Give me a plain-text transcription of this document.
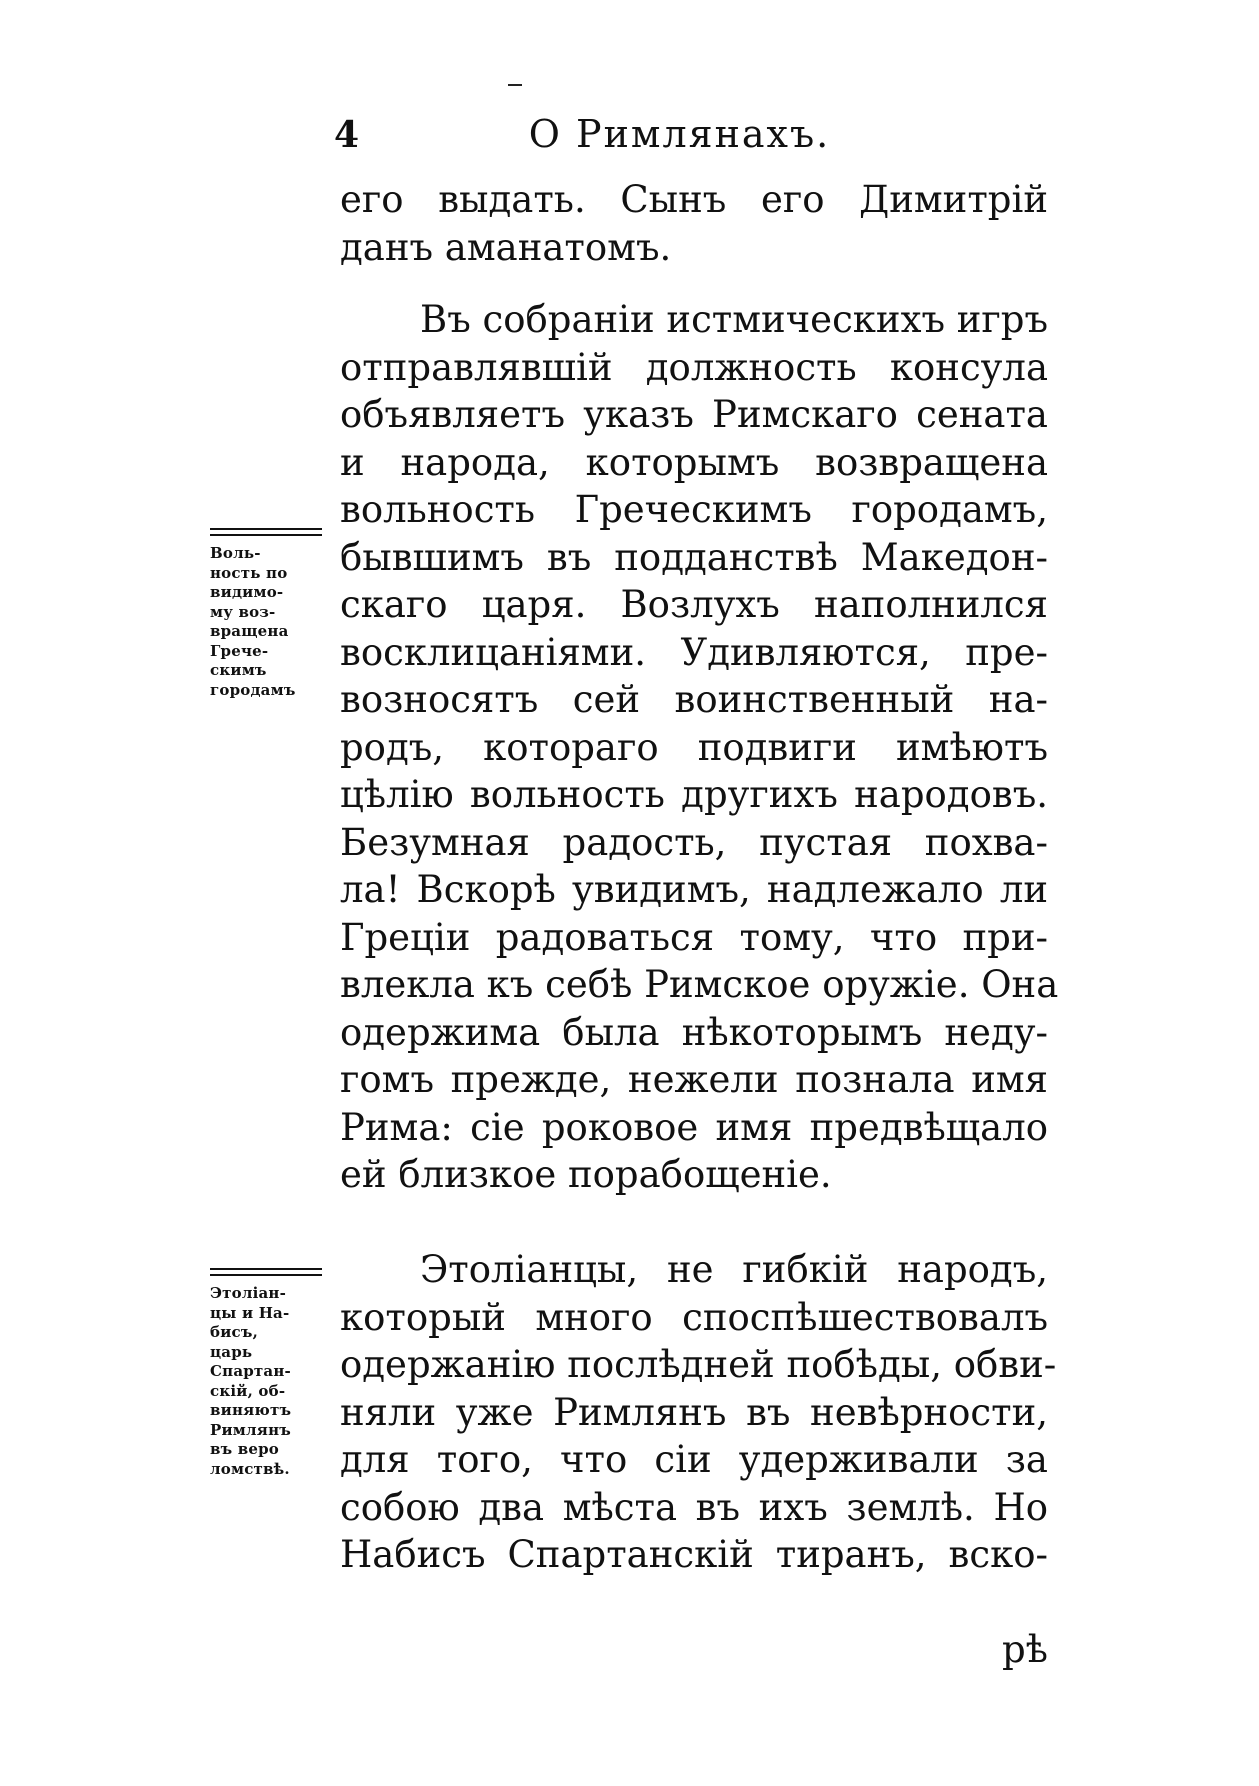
4	О Римлянахъ.
его выдать. Сынъ его Димитрій
данъ аманатомъ.
Въ собраніи истмическихъ игръ
отправлявшій должность консула
объявляетъ указъ Римскаго сената
и народа, которымъ возвращена
вольность Греческимъ городамъ,
бывшимъ въ подданствѣ Македон-
скаго царя. Возлухъ наполнился
восклицаніями. Удивляются, пре-
возносятъ сей воинственный на-
родъ, котораго подвиги имѣютъ
цѣлію вольность другихъ народовъ.
Безумная радость, пустая похва-
ла! Вскорѣ увидимъ, надлежало ли
Греціи радоваться тому, что при-
влекла къ себѣ Римское оружіе. Она
одержима была нѣкоторымъ неду-
гомъ прежде, нежели познала имя
Рима: сіе роковое имя предвѣщало
ей близкое порабощеніе.
Воль-
ность по
видимо-
му воз-
вращена
Грече-
скимъ
городамъ
Этоліанцы, не гибкій народъ,
который много споспѣшествовалъ
одержанію послѣдней побѣды, обви-
няли уже Римлянъ въ невѣрности,
для того, что сіи удерживали за
собою два мѣста въ ихъ землѣ. Но
Набисъ Спартанскій тиранъ, вско-
Этоліан-
цы и На-
бисъ,
царь
Спартан-
скій, об-
виняютъ
Римлянъ
въ веро
ломствѣ.
рѣ
